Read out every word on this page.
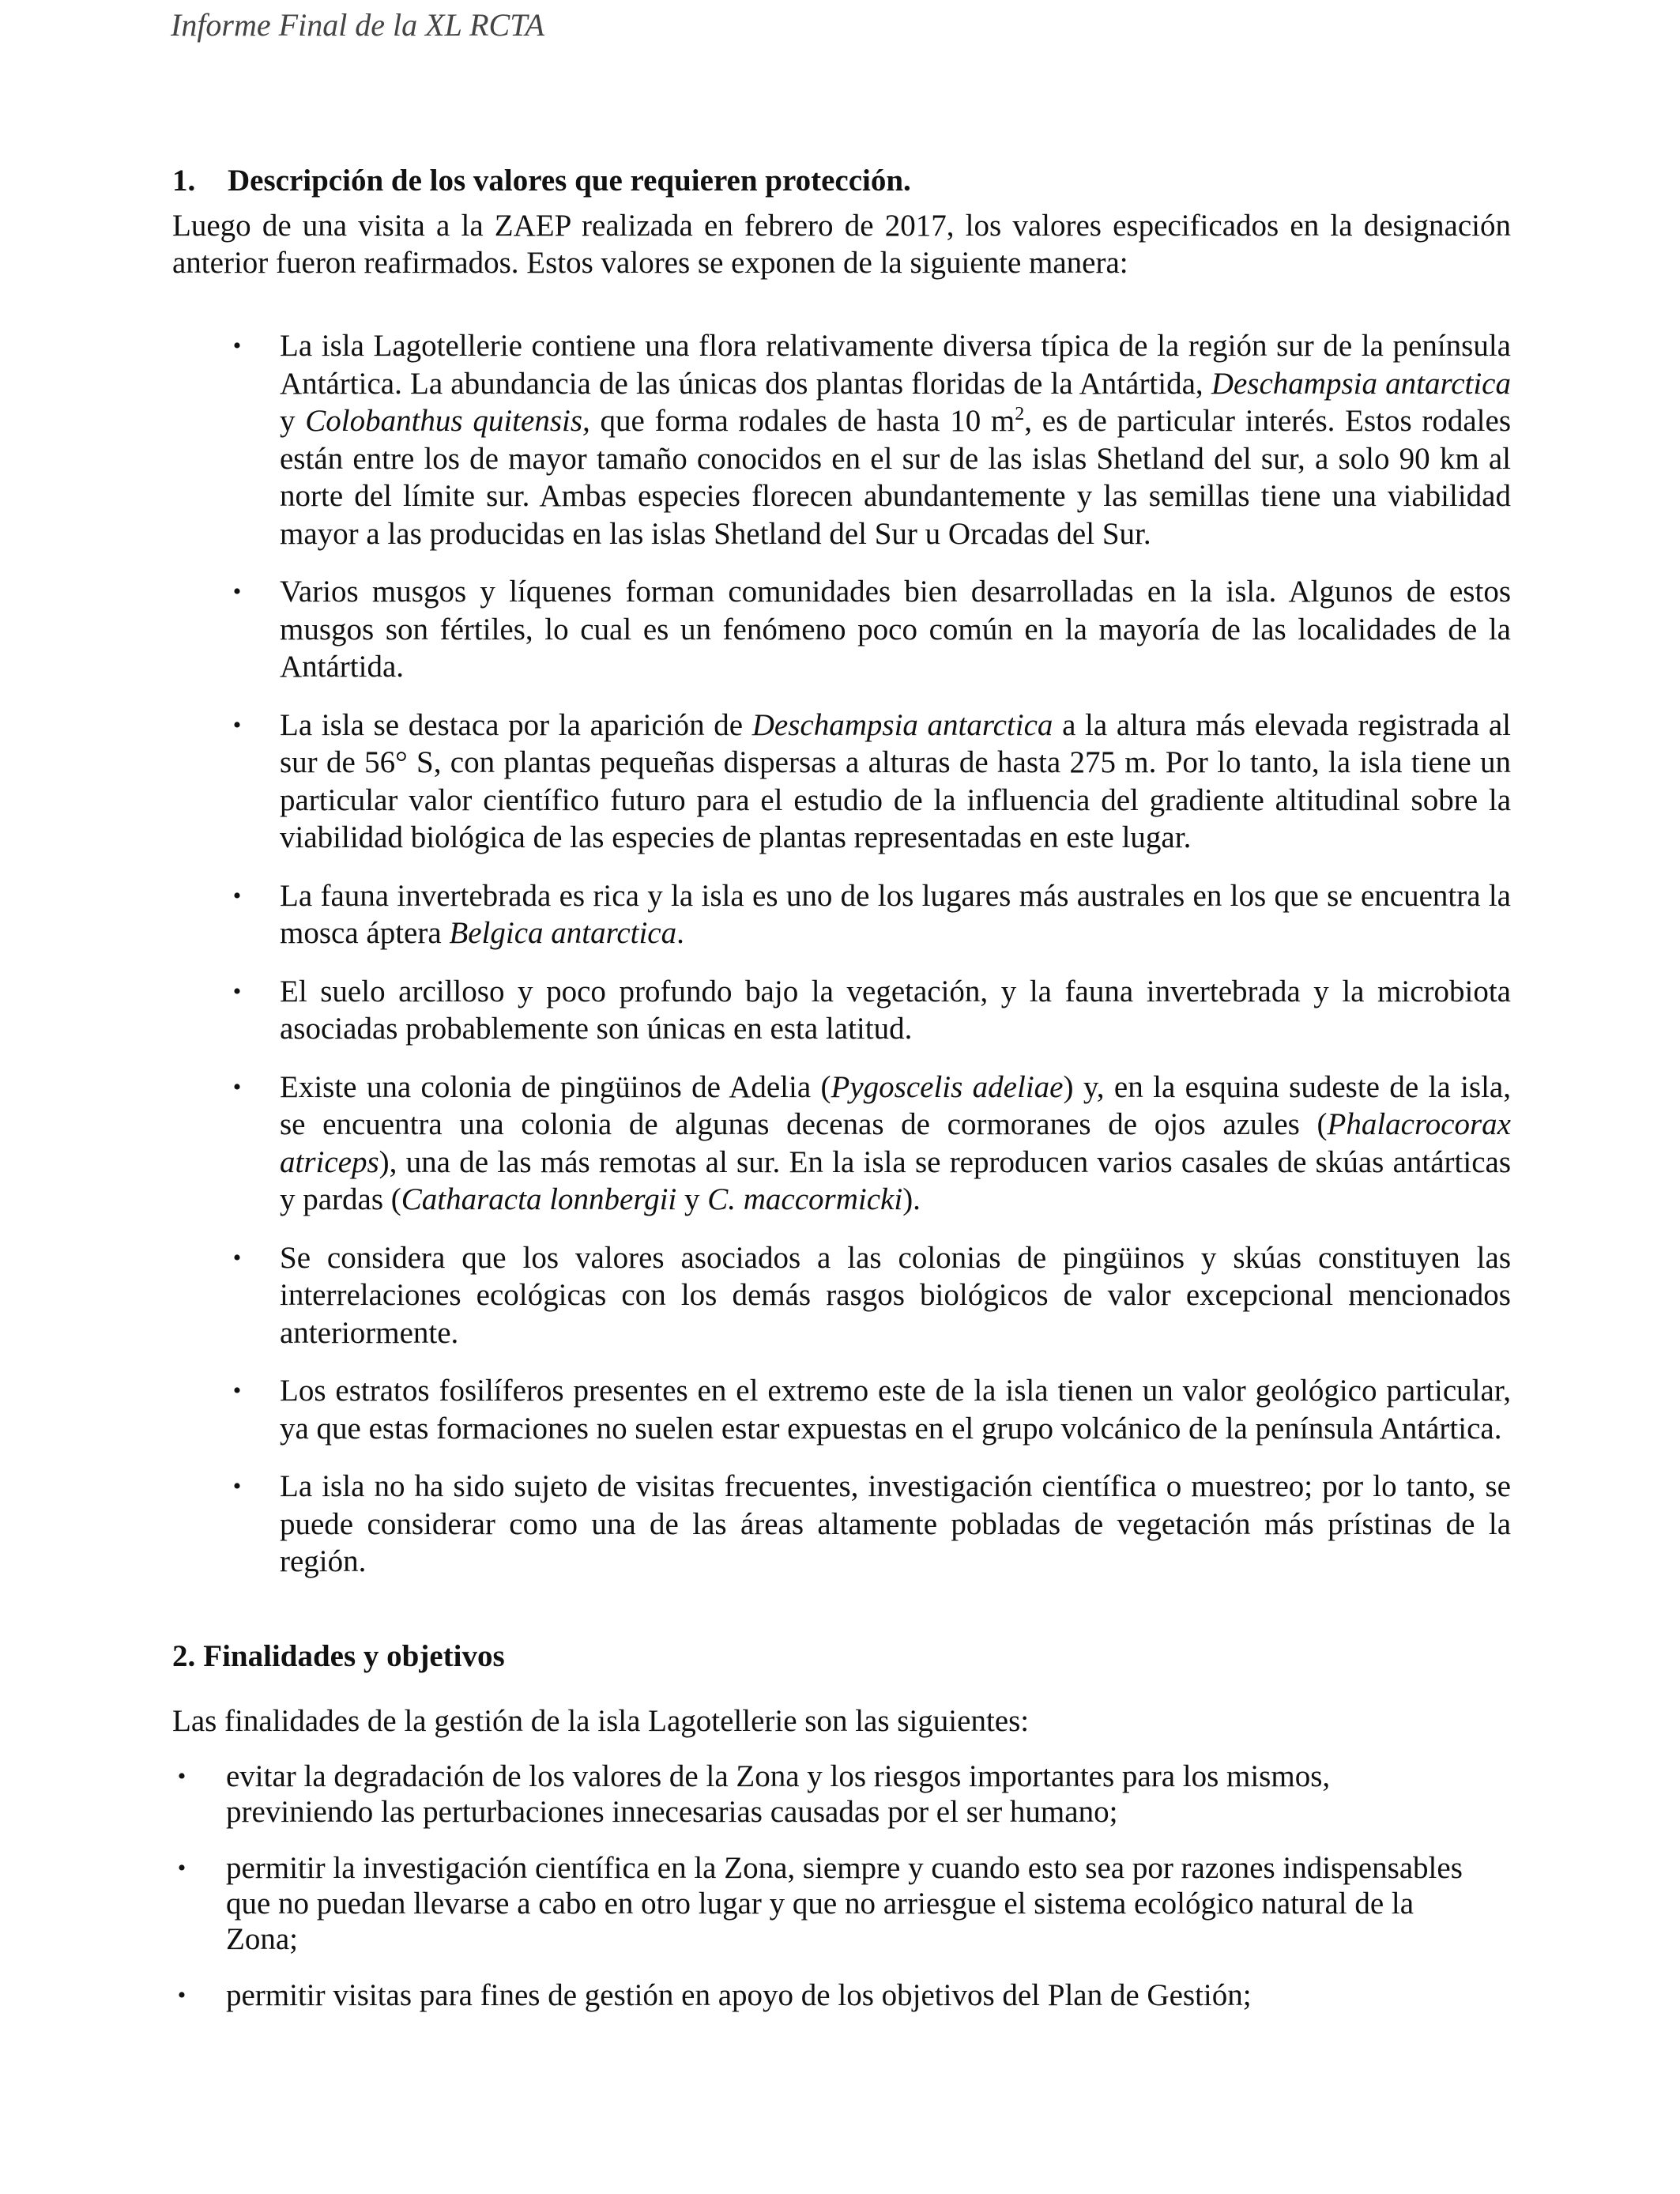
Informe Final de la XL RCTA
1. Descripción de los valores que requieren protección.

Luego de una visita a la ZAEP realizada en febrero de 2017, los valores especificados en la designación anterior fueron reafirmados. Estos valores se exponen de la siguiente manera:

• La isla Lagotellerie contiene una flora relativamente diversa típica de la región sur de la península Antártica. La abundancia de las únicas dos plantas floridas de la Antártida, Deschampsia antarctica y Colobanthus quitensis, que forma rodales de hasta 10 $m^2$, es de particular interés. Estos rodales están entre los de mayor tamaño conocidos en el sur de las islas Shetland del sur, a solo 90 km al norte del límite sur. Ambas especies florecen abundantemente y las semillas tiene una viabilidad mayor a las producidas en las islas Shetland del Sur u Orcadas del Sur.
• Varios musgos y líquenes forman comunidades bien desarrolladas en la isla. Algunos de estos musgos son fértiles, lo cual es un fenómeno poco común en la mayoría de las localidades de la Antártida.
• La isla se destaca por la aparición de Deschampsia antarctica a la altura más elevada registrada al sur de 56° S, con plantas pequeñas dispersas a alturas de hasta 275 m. Por lo tanto, la isla tiene un particular valor científico futuro para el estudio de la influencia del gradiente altitudinal sobre la viabilidad biológica de las especies de plantas representadas en este lugar.
• La fauna invertebrada es rica y la isla es uno de los lugares más australes en los que se encuentra la mosca áptera Belgica antarctica.
• El suelo arcilloso y poco profundo bajo la vegetación, y la fauna invertebrada y la microbiota asociadas probablemente son únicas en esta latitud.
• Existe una colonia de pingüinos de Adelia (Pygoscelis adeliae) y, en la esquina sudeste de la isla, se encuentra una colonia de algunas decenas de cormoranes de ojos azules (Phalacrocorax atriceps), una de las más remotas al sur. En la isla se reproducen varios casales de skúas antárticas y pardas (Catharacta lonnbergii y C. maccormicki).
• Se considera que los valores asociados a las colonias de pingüinos y skúas constituyen las interrelaciones ecológicas con los demás rasgos biológicos de valor excepcional mencionados anteriormente.
• Los estratos fosilíferos presentes en el extremo este de la isla tienen un valor geológico particular, ya que estas formaciones no suelen estar expuestas en el grupo volcánico de la península Antártica.
• La isla no ha sido sujeto de visitas frecuentes, investigación científica o muestreo; por lo tanto, se puede considerar como una de las áreas altamente pobladas de vegetación más prístinas de la región.
2. Finalidades y objetivos

Las finalidades de la gestión de la isla Lagotellerie son las siguientes:

• evitar la degradación de los valores de la Zona y los riesgos importantes para los mismos, previniendo las perturbaciones innecesarias causadas por el ser humano;
• permitir la investigación científica en la Zona, siempre y cuando esto sea por razones indispensables que no puedan llevarse a cabo en otro lugar y que no arriesgue el sistema ecológico natural de la Zona;
• permitir visitas para fines de gestión en apoyo de los objetivos del Plan de Gestión;
